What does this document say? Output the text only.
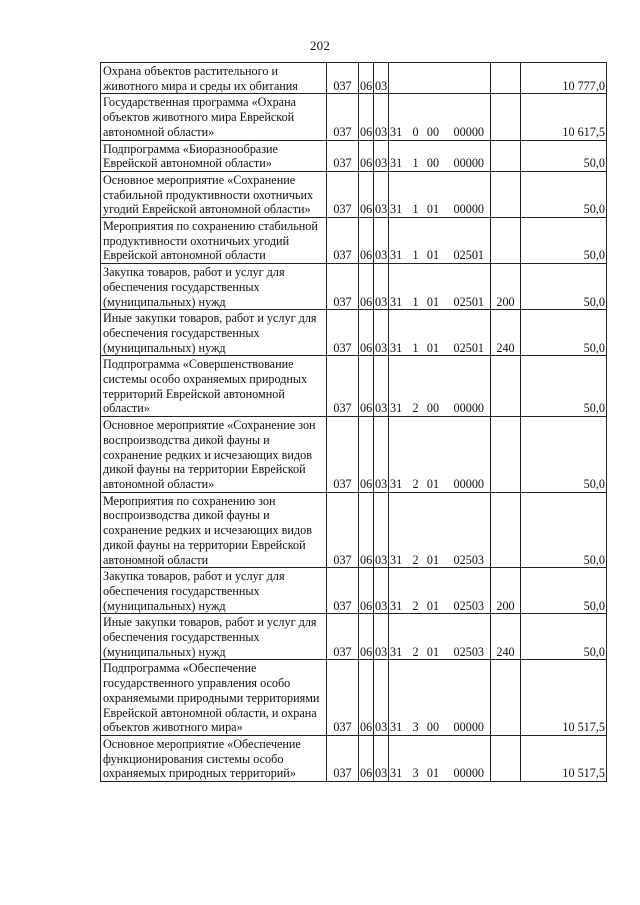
202
Охрана объектов растительного и животного мира и среды их обитания	037	06	03			10 777,0
Государственная программа «Охрана объектов животного мира Еврейской автономной области»	037	06	03	31 0 00 00000		10 617,5
Подпрограмма «Биоразнообразие Еврейской автономной области»	037	06	03	31 1 00 00000		50,0
Основное мероприятие «Сохранение стабильной продуктивности охотничьих угодий Еврейской автономной области»	037	06	03	31 1 01 00000		50,0
Мероприятия по сохранению стабильной продуктивности охотничьих угодий Еврейской автономной области	037	06	03	31 1 01 02501		50,0
Закупка товаров, работ и услуг для обеспечения государственных (муниципальных) нужд	037	06	03	31 1 01 02501	200	50,0
Иные закупки товаров, работ и услуг для обеспечения государственных (муниципальных) нужд	037	06	03	31 1 01 02501	240	50,0
Подпрограмма «Совершенствование системы особо охраняемых природных территорий Еврейской автономной области»	037	06	03	31 2 00 00000		50,0
Основное мероприятие «Сохранение зон воспроизводства дикой фауны и сохранение редких и исчезающих видов дикой фауны на территории Еврейской автономной области»	037	06	03	31 2 01 00000		50,0
Мероприятия по сохранению зон воспроизводства дикой фауны и сохранение редких и исчезающих видов дикой фауны на территории Еврейской автономной области	037	06	03	31 2 01 02503		50,0
Закупка товаров, работ и услуг для обеспечения государственных (муниципальных) нужд	037	06	03	31 2 01 02503	200	50,0
Иные закупки товаров, работ и услуг для обеспечения государственных (муниципальных) нужд	037	06	03	31 2 01 02503	240	50,0
Подпрограмма «Обеспечение государственного управления особо охраняемыми природными территориями Еврейской автономной области, и охрана объектов животного мира»	037	06	03	31 3 00 00000		10 517,5
Основное мероприятие «Обеспечение функционирования системы особо охраняемых природных территорий»	037	06	03	31 3 01 00000		10 517,5
